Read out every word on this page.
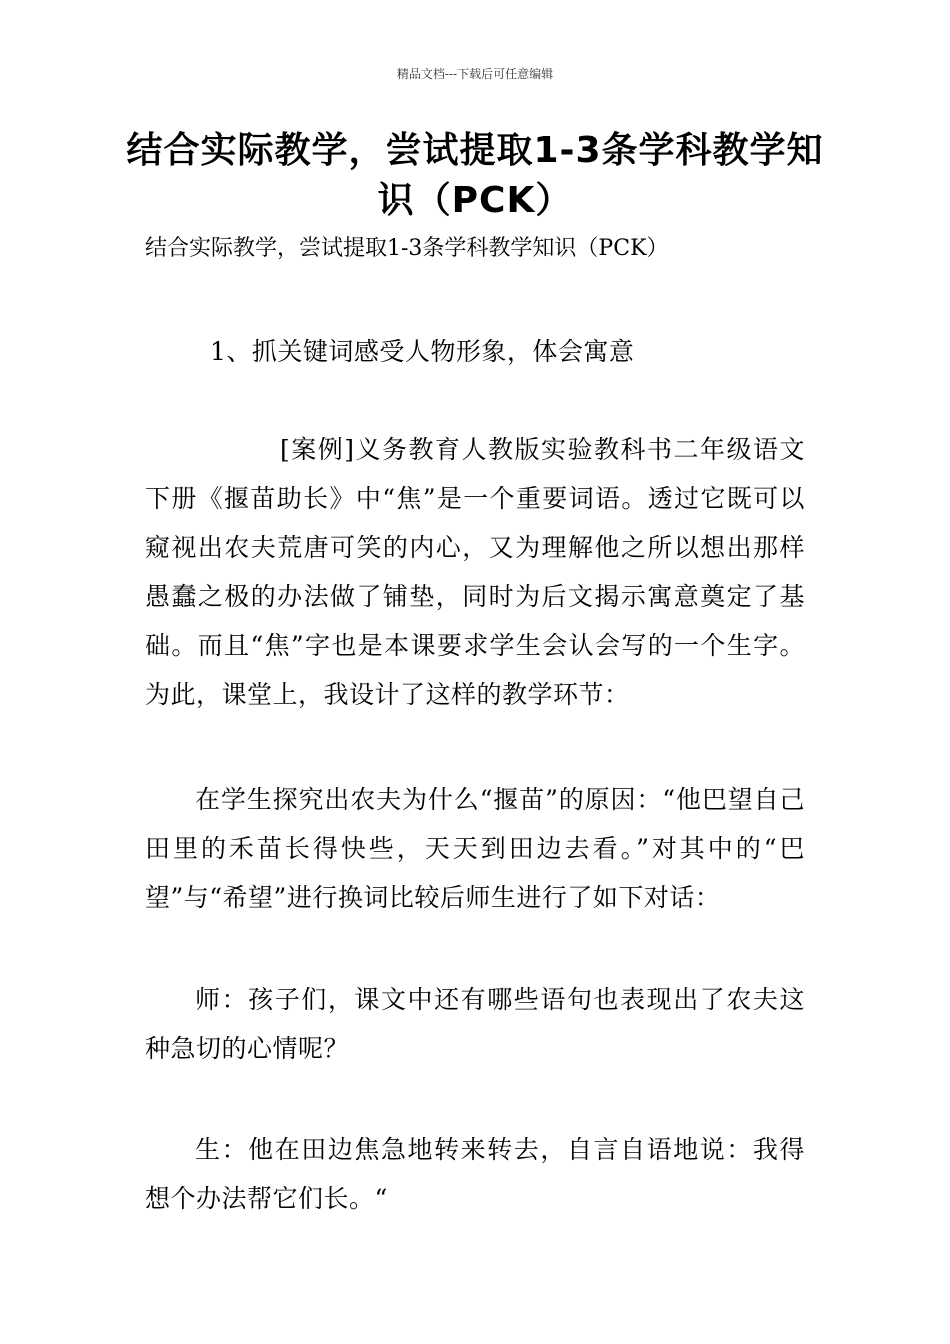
精品文档---下载后可任意编辑
结合实际教学，尝试提取1-3条学科教学知识（PCK）
结合实际教学，尝试提取1-3条学科教学知识（PCK）
1、抓关键词感受人物形象，体会寓意
[案例]义务教育人教版实验教科书二年级语文下册《揠苗助长》中“焦”是一个重要词语。透过它既可以窥视出农夫荒唐可笑的内心，又为理解他之所以想出那样愚蠢之极的办法做了铺垫，同时为后文揭示寓意奠定了基础。而且“焦”字也是本课要求学生会认会写的一个生字。为此，课堂上，我设计了这样的教学环节：
在学生探究出农夫为什么“揠苗”的原因：“他巴望自己田里的禾苗长得快些，天天到田边去看。”对其中的“巴望”与“希望”进行换词比较后师生进行了如下对话：
师：孩子们，课文中还有哪些语句也表现出了农夫这种急切的心情呢？
生：他在田边焦急地转来转去，自言自语地说：我得想个办法帮它们长。“
